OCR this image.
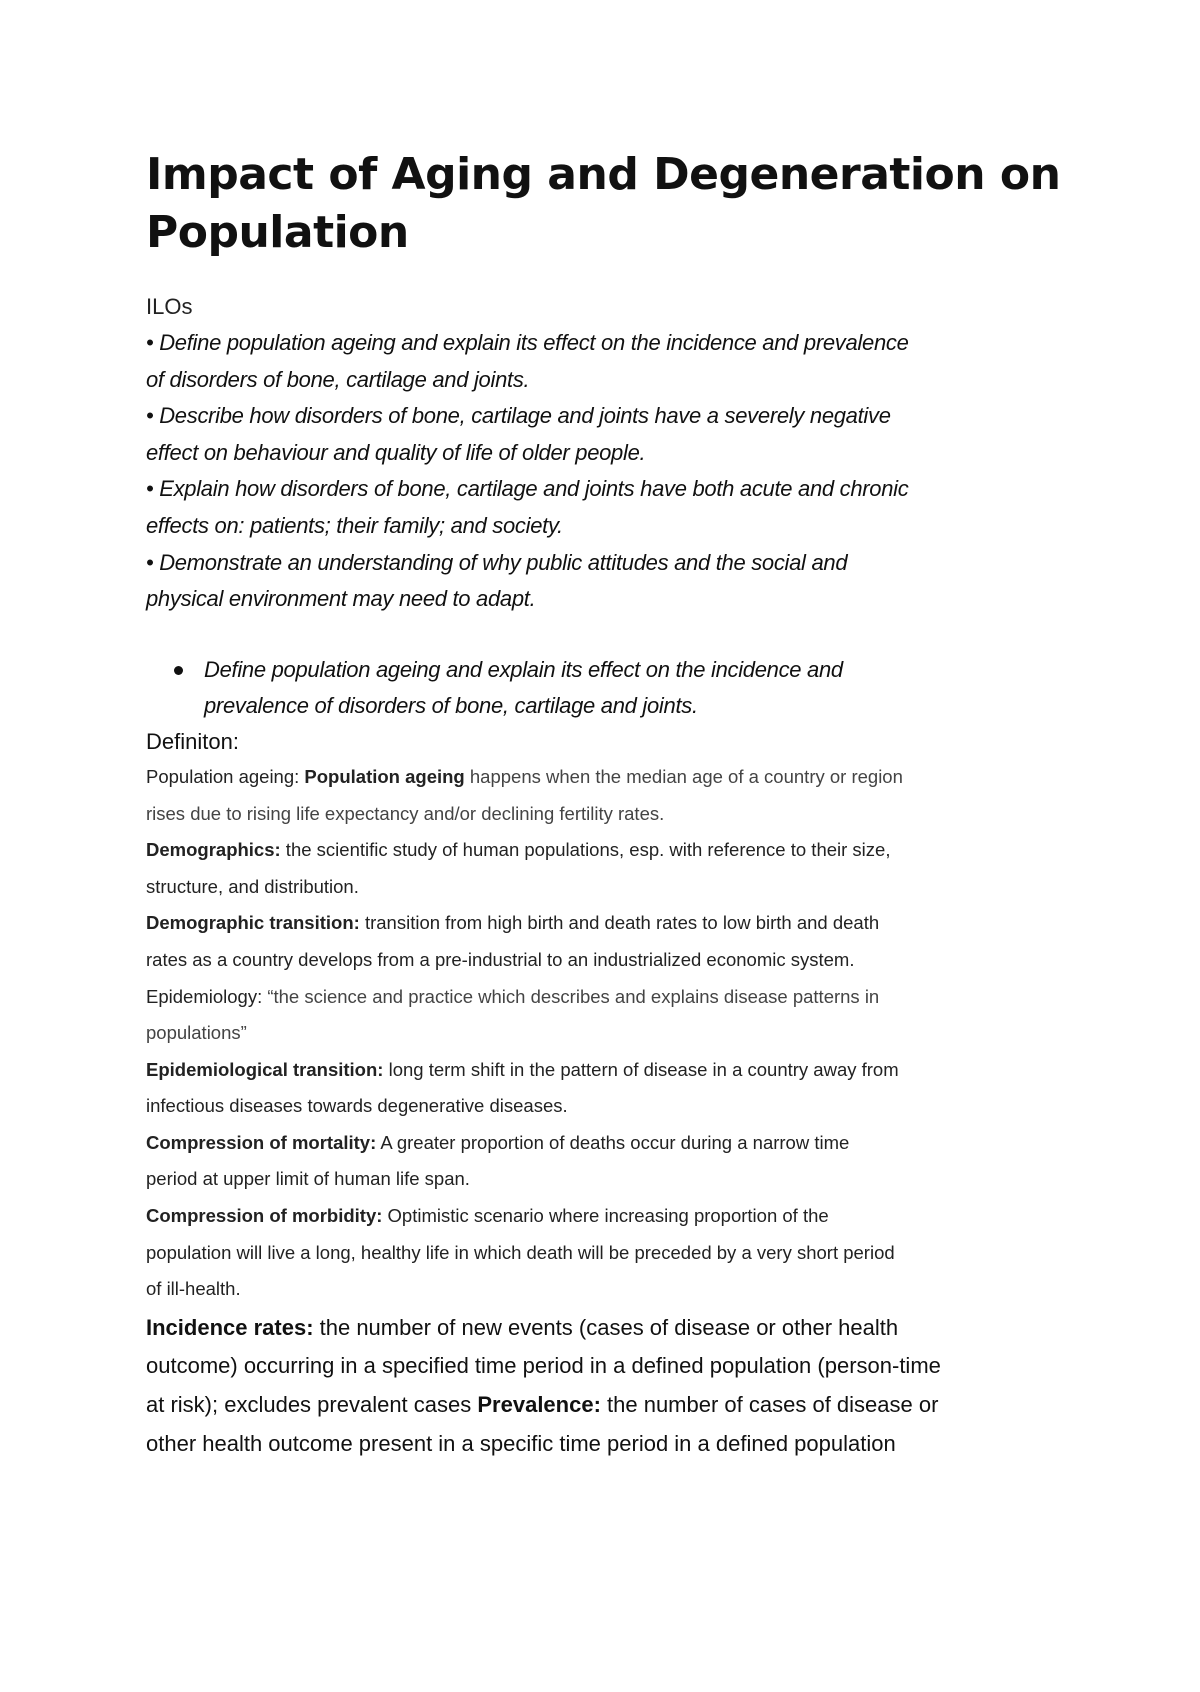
Impact of Aging and Degeneration on Population
ILOs
• Define population ageing and explain its effect on the incidence and prevalence
of disorders of bone, cartilage and joints.
• Describe how disorders of bone, cartilage and joints have a severely negative
effect on behaviour and quality of life of older people.
• Explain how disorders of bone, cartilage and joints have both acute and chronic
effects on: patients; their family; and society.
• Demonstrate an understanding of why public attitudes and the social and
physical environment may need to adapt.
Define population ageing and explain its effect on the incidence and
prevalence of disorders of bone, cartilage and joints.
Definiton:
Population ageing: Population ageing happens when the median age of a country or region
rises due to rising life expectancy and/or declining fertility rates.
Demographics: the scientific study of human populations, esp. with reference to their size,
structure, and distribution.
Demographic transition: transition from high birth and death rates to low birth and death
rates as a country develops from a pre-industrial to an industrialized economic system.
Epidemiology: “the science and practice which describes and explains disease patterns in
populations”
Epidemiological transition: long term shift in the pattern of disease in a country away from
infectious diseases towards degenerative diseases.
Compression of mortality: A greater proportion of deaths occur during a narrow time
period at upper limit of human life span.
Compression of morbidity: Optimistic scenario where increasing proportion of the
population will live a long, healthy life in which death will be preceded by a very short period
of ill-health.
Incidence rates: the number of new events (cases of disease or other health
outcome) occurring in a specified time period in a defined population (person-time
at risk); excludes prevalent cases Prevalence: the number of cases of disease or
other health outcome present in a specific time period in a defined population
